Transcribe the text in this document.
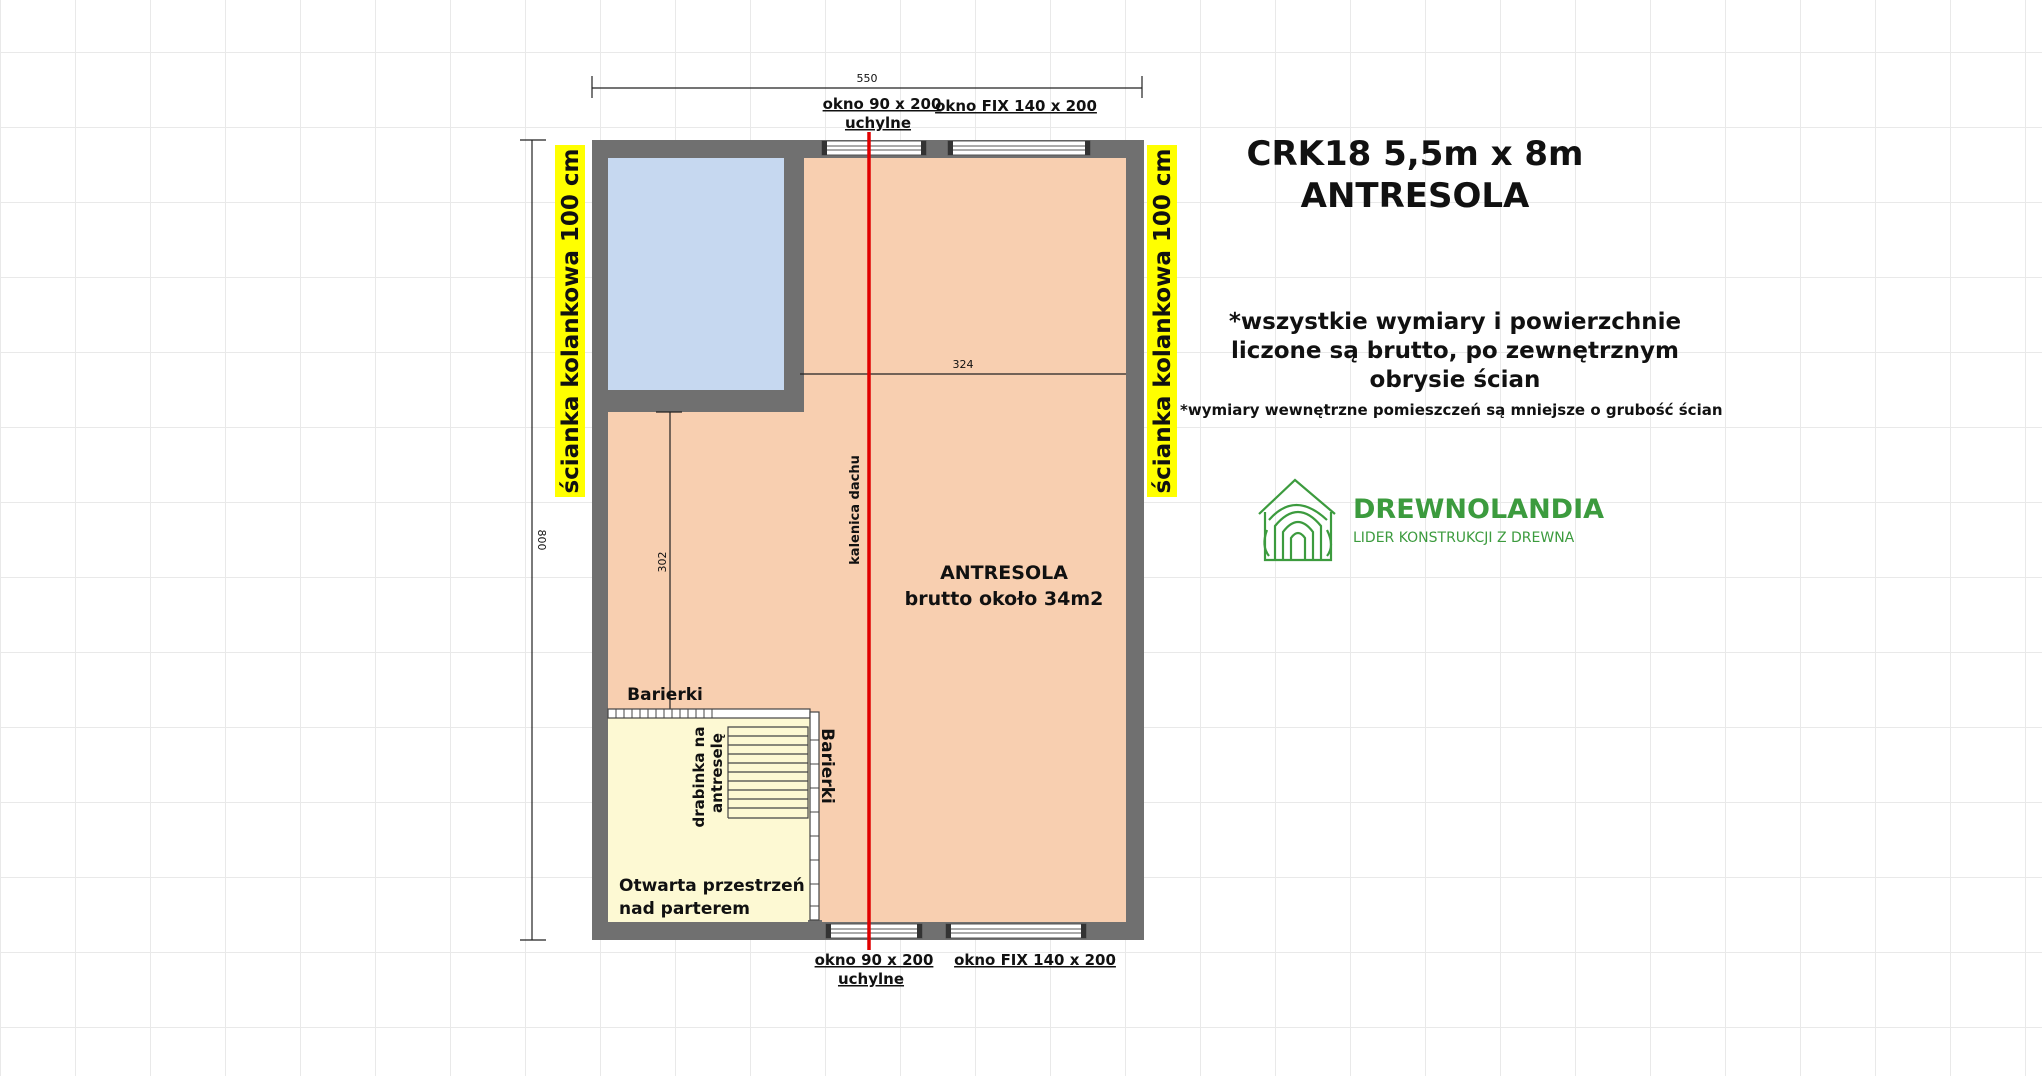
550
800
324
302
ścianka kolankowa 100 cm	ścianka kolankowa 100 cm
kalenica dachu
okno 90 x 200
uchylne
okno FIX 140 x 200
okno 90 x 200
uchylne
okno FIX 140 x 200
ANTRESOLA
brutto około 34m2
Barierki
Barierki
drabinka na antreselę
Otwarta przestrzeń
nad parterem
CRK18 5,5m x 8m
ANTRESOLA
*wszystkie wymiary i powierzchnie
liczone są brutto, po zewnętrznym
obrysie ścian
*wymiary wewnętrzne pomieszczeń są mniejsze o grubość ścian
DREWNOLANDIA
LIDER KONSTRUKCJI Z DREWNA
